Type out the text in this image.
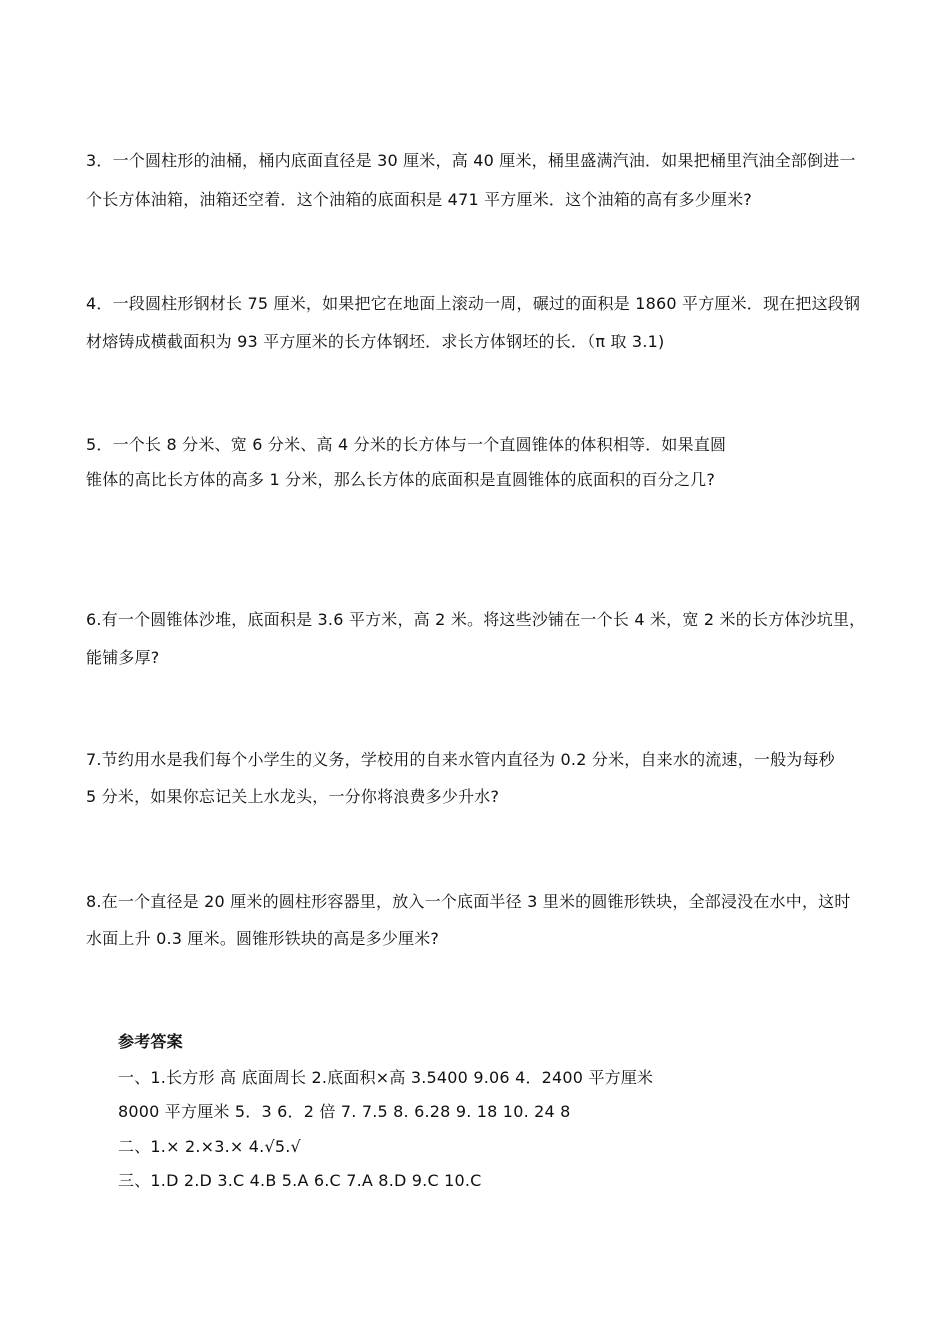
3．一个圆柱形的油桶，桶内底面直径是 30 厘米，高 40 厘米，桶里盛满汽油．如果把桶里汽油全部倒进一
个长方体油箱，油箱还空着．这个油箱的底面积是 471 平方厘米．这个油箱的高有多少厘米?
4．一段圆柱形钢材长 75 厘米，如果把它在地面上滚动一周，碾过的面积是 1860 平方厘米．现在把这段钢
材熔铸成横截面积为 93 平方厘米的长方体钢坯．求长方体钢坯的长．（π 取 3.1)
5．一个长 8 分米、宽 6 分米、高 4 分米的长方体与一个直圆锥体的体积相等．如果直圆
锥体的高比长方体的高多 1 分米，那么长方体的底面积是直圆锥体的底面积的百分之几?
6.有一个圆锥体沙堆，底面积是 3.6 平方米，高 2 米。将这些沙铺在一个长 4 米，宽 2 米的长方体沙坑里，
能铺多厚?
7.节约用水是我们每个小学生的义务，学校用的自来水管内直径为 0.2 分米，自来水的流速，一般为每秒
5 分米，如果你忘记关上水龙头，一分你将浪费多少升水?
8.在一个直径是 20 厘米的圆柱形容器里，放入一个底面半径 3 里米的圆锥形铁块，全部浸没在水中，这时
水面上升 0.3 厘米。圆锥形铁块的高是多少厘米?
参考答案
一、1.长方形 高 底面周长 2.底面积×高 3.5400 9.06 4．2400 平方厘米
8000 平方厘米 5．3 6．2 倍 7. 7.5 8. 6.28 9. 18 10. 24 8
二、1.× 2.×3.× 4.√5.√
三、1.D 2.D 3.C 4.B 5.A 6.C 7.A 8.D 9.C 10.C
